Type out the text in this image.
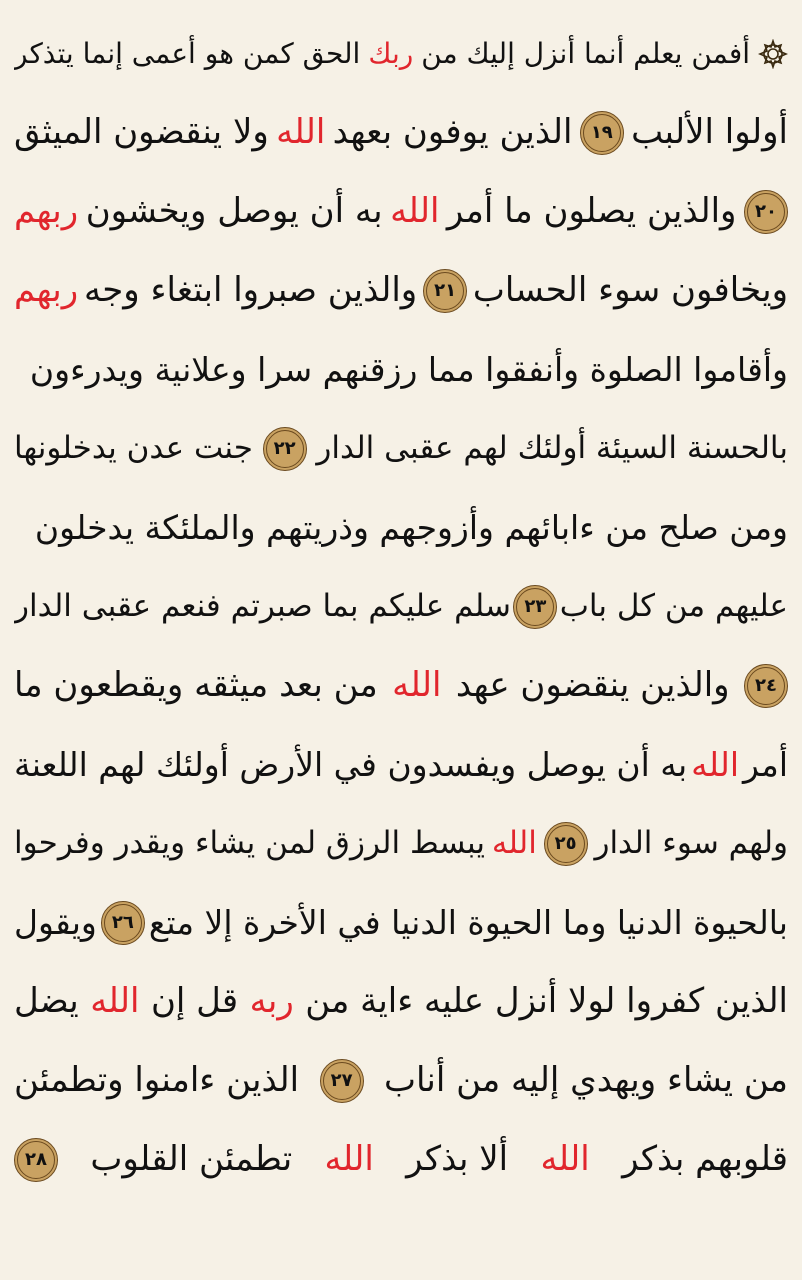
أفمن يعلم أنما أنزل إليك من
ربك
الحق كمن هو أعمى إنما يتذكر
أولوا الألبب
١٩
الذين يوفون بعهد
الله
ولا ينقضون الميثق
٢٠
والذين يصلون ما أمر
الله
به أن يوصل ويخشون
ربهم
ويخافون سوء الحساب
٢١
والذين صبروا ابتغاء وجه
ربهم
وأقاموا الصلوة وأنفقوا مما رزقنهم سرا وعلانية ويدرءون
بالحسنة السيئة أولئك لهم عقبى الدار
٢٢
جنت عدن يدخلونها
ومن صلح من ءابائهم وأزوجهم وذريتهم والملئكة يدخلون
عليهم من كل باب
٢٣
سلم عليكم بما صبرتم فنعم عقبى الدار
٢٤
والذين ينقضون عهد
الله
من بعد ميثقه ويقطعون ما
أمر
الله
به أن يوصل ويفسدون في الأرض أولئك لهم اللعنة
ولهم سوء الدار
٢٥
الله
يبسط الرزق لمن يشاء ويقدر وفرحوا
بالحيوة الدنيا وما الحيوة الدنيا في الأخرة إلا متع
٢٦
ويقول
الذين كفروا لولا أنزل عليه ءاية من
ربه
قل إن
الله
يضل
من يشاء ويهدي إليه من أناب
٢٧
الذين ءامنوا وتطمئن
قلوبهم بذكر
الله
ألا بذكر
الله
تطمئن القلوب
٢٨
